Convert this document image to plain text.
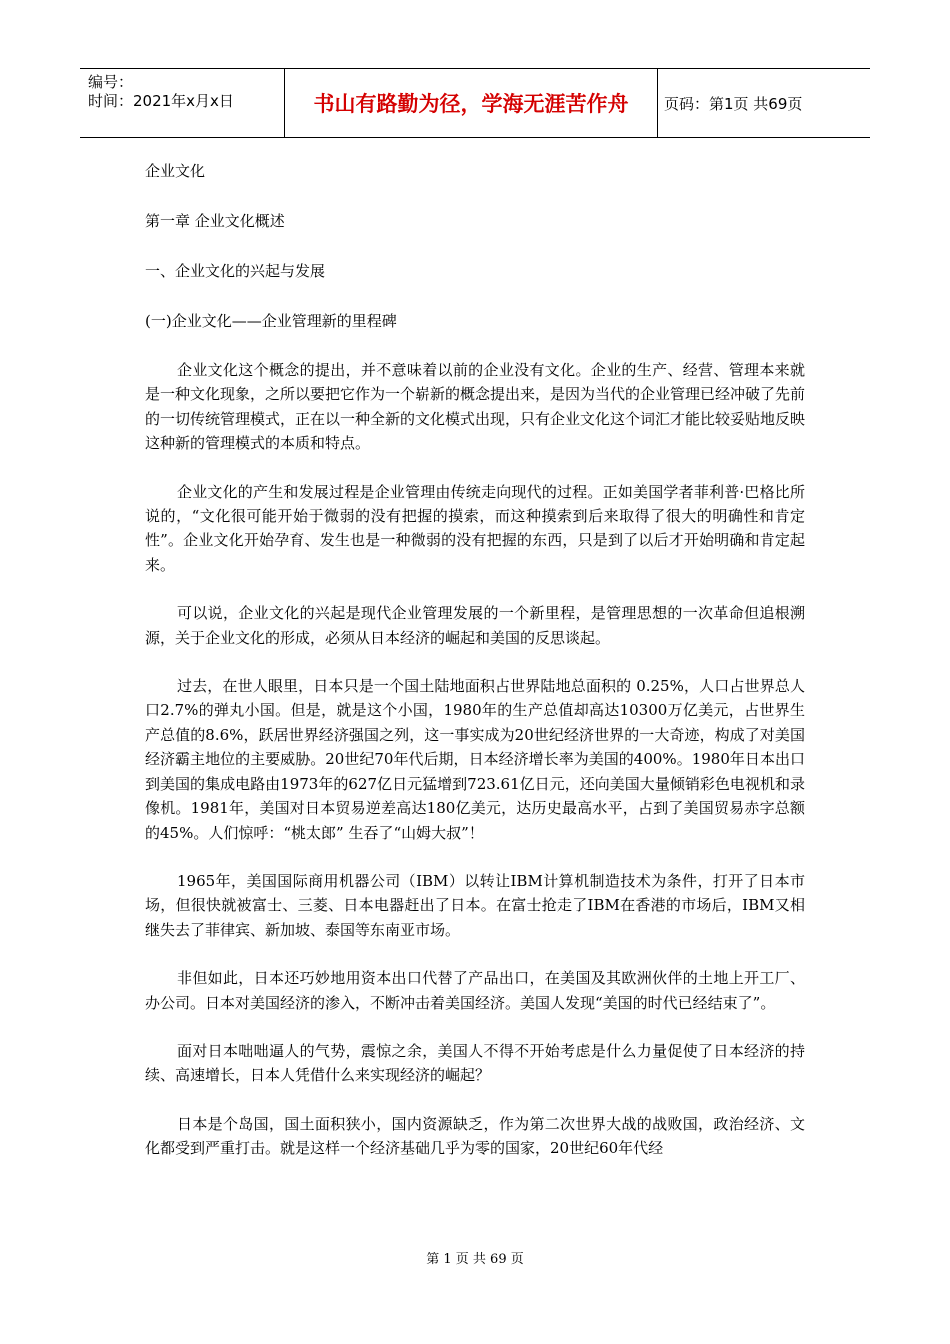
编号：
时间：2021年x月x日	书山有路勤为径，学海无涯苦作舟	页码：第1页 共69页
企业文化
第一章 企业文化概述
一、企业文化的兴起与发展
(一)企业文化——企业管理新的里程碑

企业文化这个概念的提出，并不意味着以前的企业没有文化。企业的生产、经营、管理本来就是一种文化现象，之所以要把它作为一个崭新的概念提出来，是因为当代的企业管理已经冲破了先前的一切传统管理模式，正在以一种全新的文化模式出现，只有企业文化这个词汇才能比较妥贴地反映这种新的管理模式的本质和特点。

企业文化的产生和发展过程是企业管理由传统走向现代的过程。正如美国学者菲利普·巴格比所说的，“文化很可能开始于微弱的没有把握的摸索，而这种摸索到后来取得了很大的明确性和肯定性”。企业文化开始孕育、发生也是一种微弱的没有把握的东西，只是到了以后才开始明确和肯定起来。

可以说，企业文化的兴起是现代企业管理发展的一个新里程，是管理思想的一次革命但追根溯源，关于企业文化的形成，必须从日本经济的崛起和美国的反思谈起。

过去，在世人眼里，日本只是一个国土陆地面积占世界陆地总面积的 0.25%，人口占世界总人口2.7%的弹丸小国。但是，就是这个小国，1980年的生产总值却高达10300万亿美元，占世界生产总值的8.6%，跃居世界经济强国之列，这一事实成为20世纪经济世界的一大奇迹，构成了对美国经济霸主地位的主要威胁。20世纪70年代后期，日本经济增长率为美国的400%。1980年日本出口到美国的集成电路由1973年的627亿日元猛增到723.61亿日元，还向美国大量倾销彩色电视机和录像机。1981年，美国对日本贸易逆差高达180亿美元，达历史最高水平，占到了美国贸易赤字总额的45%。人们惊呼：“桃太郎” 生吞了“山姆大叔”！

1965年，美国国际商用机器公司（IBM）以转让IBM计算机制造技术为条件，打开了日本市场，但很快就被富士、三菱、日本电器赶出了日本。在富士抢走了IBM在香港的市场后，IBM又相继失去了菲律宾、新加坡、泰国等东南亚市场。

非但如此，日本还巧妙地用资本出口代替了产品出口，在美国及其欧洲伙伴的土地上开工厂、办公司。日本对美国经济的渗入，不断冲击着美国经济。美国人发现“美国的时代已经结束了”。

面对日本咄咄逼人的气势，震惊之余，美国人不得不开始考虑是什么力量促使了日本经济的持续、高速增长，日本人凭借什么来实现经济的崛起？

日本是个岛国，国土面积狭小，国内资源缺乏，作为第二次世界大战的战败国，政治经济、文化都受到严重打击。就是这样一个经济基础几乎为零的国家，20世纪60年代经

第 1 页 共 69 页
